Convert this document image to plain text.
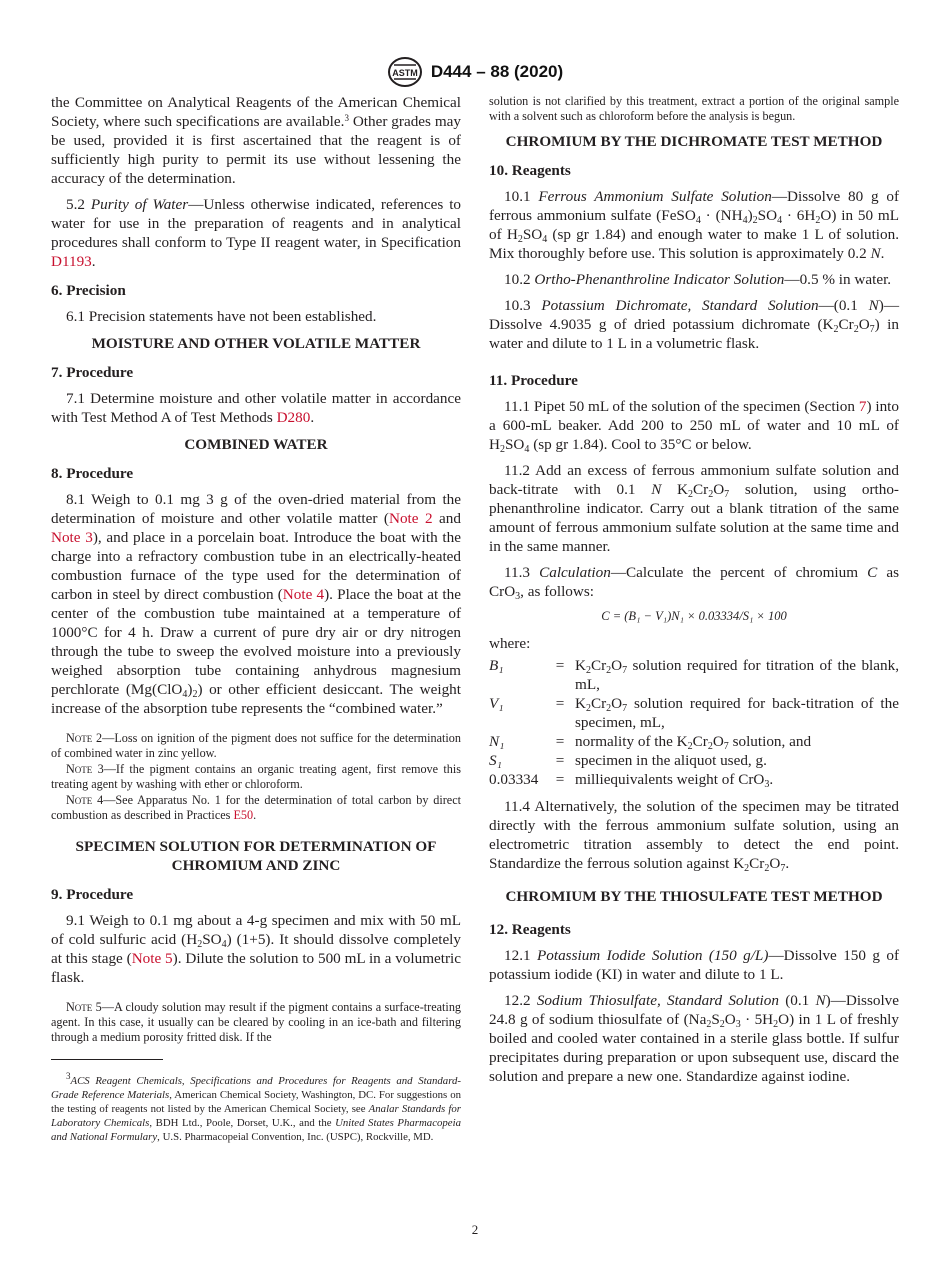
ASTM D444 – 88 (2020)

the Committee on Analytical Reagents of the American Chemical Society, where such specifications are available.$^3$ Other grades may be used, provided it is first ascertained that the reagent is of sufficiently high purity to permit its use without lessening the accuracy of the determination.

5.2 Purity of Water—Unless otherwise indicated, references to water for use in the preparation of reagents and in analytical procedures shall conform to Type II reagent water, in Specification D1193.

6. Precision

6.1 Precision statements have not been established.

MOISTURE AND OTHER VOLATILE MATTER
7. Procedure

7.1 Determine moisture and other volatile matter in accordance with Test Method A of Test Methods D280.

COMBINED WATER
8. Procedure

8.1 Weigh to 0.1 mg 3 g of the oven-dried material from the determination of moisture and other volatile matter (Note 2 and Note 3), and place in a porcelain boat. Introduce the boat with the charge into a refractory combustion tube in an electrically-heated combustion furnace of the type used for the determination of carbon in steel by direct combustion (Note 4). Place the boat at the center of the combustion tube maintained at a temperature of 1000°C for 4 h. Draw a current of pure dry air or dry nitrogen through the tube to sweep the evolved moisture into a previously weighed absorption tube containing anhydrous magnesium perchlorate $(Mg(ClO_4)_2)$ or other efficient desiccant. The weight increase of the absorption tube represents the “combined water.”

Note 2—Loss on ignition of the pigment does not suffice for the determination of combined water in zinc yellow.

Note 3—If the pigment contains an organic treating agent, first remove this treating agent by washing with ether or chloroform.

Note 4—See Apparatus No. 1 for the determination of total carbon by direct combustion as described in Practices E50.

SPECIMEN SOLUTION FOR DETERMINATION OF CHROMIUM AND ZINC
9. Procedure

9.1 Weigh to 0.1 mg about a 4-g specimen and mix with 50 mL of cold sulfuric acid $(H_2SO_4)$ (1+5). It should dissolve completely at this stage (Note 5). Dilute the solution to 500 mL in a volumetric flask.

Note 5—A cloudy solution may result if the pigment contains a surface-treating agent. In this case, it usually can be cleared by cooling in an ice-bath and filtering through a medium porosity fritted disk. If the

$^3$ACS Reagent Chemicals, Specifications and Procedures for Reagents and Standard-Grade Reference Materials, American Chemical Society, Washington, DC. For suggestions on the testing of reagents not listed by the American Chemical Society, see Analar Standards for Laboratory Chemicals, BDH Ltd., Poole, Dorset, U.K., and the United States Pharmacopeia and National Formulary, U.S. Pharmacopeial Convention, Inc. (USPC), Rockville, MD.

solution is not clarified by this treatment, extract a portion of the original sample with a solvent such as chloroform before the analysis is begun.

CHROMIUM BY THE DICHROMATE TEST METHOD
10. Reagents

10.1 Ferrous Ammonium Sulfate Solution—Dissolve 80 g of ferrous ammonium sulfate (FeSO$_4$ · $(NH_4)_2SO_4 \cdot 6H_2O$) in 50 mL of $H_2SO_4$ (sp gr 1.84) and enough water to make 1 L of solution. Mix thoroughly before use. This solution is approximately 0.2 N.

10.2 Ortho-Phenanthroline Indicator Solution—0.5 % in water.

10.3 Potassium Dichromate, Standard Solution—(0.1 N)—Dissolve 4.9035 g of dried potassium dichromate $(K_2Cr_2O_7)$ in water and dilute to 1 L in a volumetric flask.

11. Procedure

11.1 Pipet 50 mL of the solution of the specimen (Section 7) into a 600-mL beaker. Add 200 to 250 mL of water and 10 mL of $H_2SO_4$ (sp gr 1.84). Cool to 35°C or below.

11.2 Add an excess of ferrous ammonium sulfate solution and back-titrate with 0.1 N $K_2Cr_2O_7$ solution, using ortho-phenanthroline indicator. Carry out a blank titration of the same amount of ferrous ammonium sulfate solution at the same time and in the same manner.

11.3 Calculation—Calculate the percent of chromium C as CrO$_3$, as follows:

C = (B₁ − V₁)N₁ × 0.03334/S₁ × 100
where:
B₁	= $K_2Cr_2O_7$ solution required for titration of the blank, mL,
V₁	= $K_2Cr_2O_7$ solution required for back-titration of the specimen, mL,
N₁	= normality of the $K_2Cr_2O_7$ solution, and
S₁	= specimen in the aliquot used, g.
0.03334	= milliequivalents weight of CrO$_3$.

11.4 Alternatively, the solution of the specimen may be titrated directly with the ferrous ammonium sulfate solution, using an electrometric titration assembly to detect the end point. Standardize the ferrous solution against $K_2Cr_2O_7$.

CHROMIUM BY THE THIOSULFATE TEST METHOD
12. Reagents

12.1 Potassium Iodide Solution (150 g/L)—Dissolve 150 g of potassium iodide (KI) in water and dilute to 1 L.

12.2 Sodium Thiosulfate, Standard Solution (0.1 N)—Dissolve 24.8 g of sodium thiosulfate of $(Na_2S_2O_3 \cdot 5H_2O)$ in 1 L of freshly boiled and cooled water contained in a sterile glass bottle. If sulfur precipitates during preparation or upon subsequent use, discard the solution and prepare a new one. Standardize against iodine.

2
